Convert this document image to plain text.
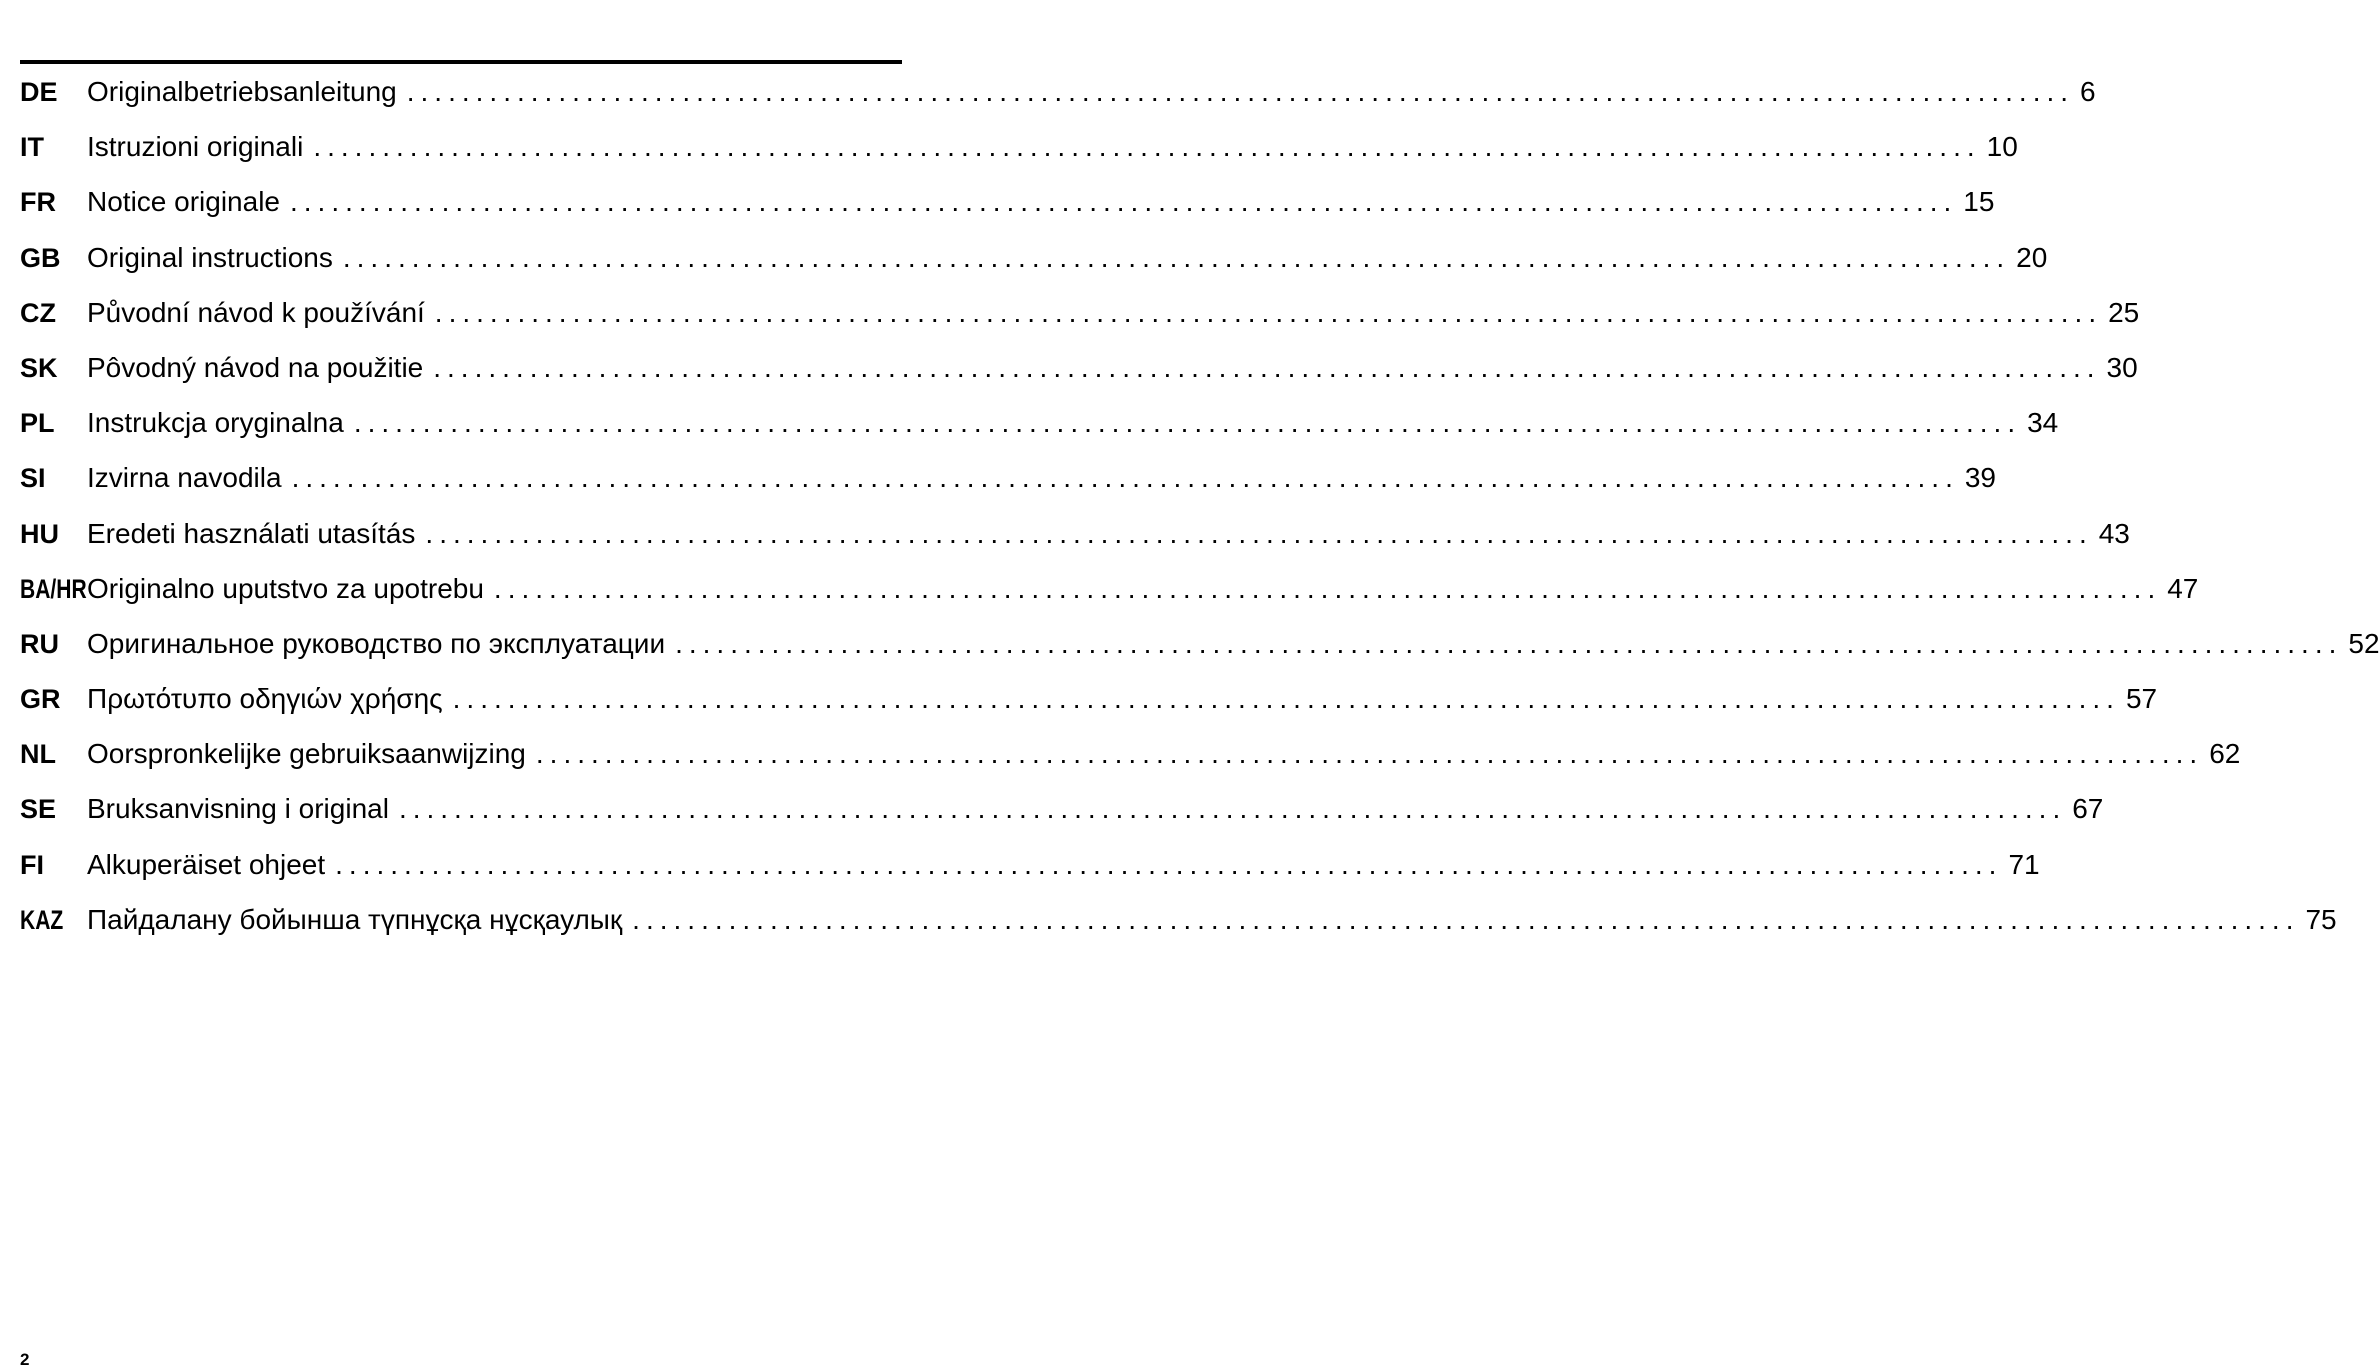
DE	Originalbetriebsanleitung ......................................................................................................................... 6
IT	Istruzioni originali ......................................................................................................................... 10
FR	Notice originale ......................................................................................................................... 15
GB Original instructions ......................................................................................................................... 20
CZ	Původní návod k používání ......................................................................................................................... 25
SK	Pôvodný návod na použitie ......................................................................................................................... 30
PL	Instrukcja oryginalna ......................................................................................................................... 34
SI	Izvirna navodila ......................................................................................................................... 39
HU	Eredeti használati utasítás ......................................................................................................................... 43
BA/HR Originalno uputstvo za upotrebu ......................................................................................................................... 47
RU	Оригинальное руководство по эксплуатации ......................................................................................................................... 52
GR Πρωτότυπο οδηγιών χρήσης ......................................................................................................................... 57
NL	Oorspronkelijke gebruiksaanwijzing ......................................................................................................................... 62
SE	Bruksanvisning i original ......................................................................................................................... 67
FI	Alkuperäiset ohjeet ......................................................................................................................... 71
KAZ Пайдалану бойынша түпнұсқа нұсқаулық ......................................................................................................................... 75
2
